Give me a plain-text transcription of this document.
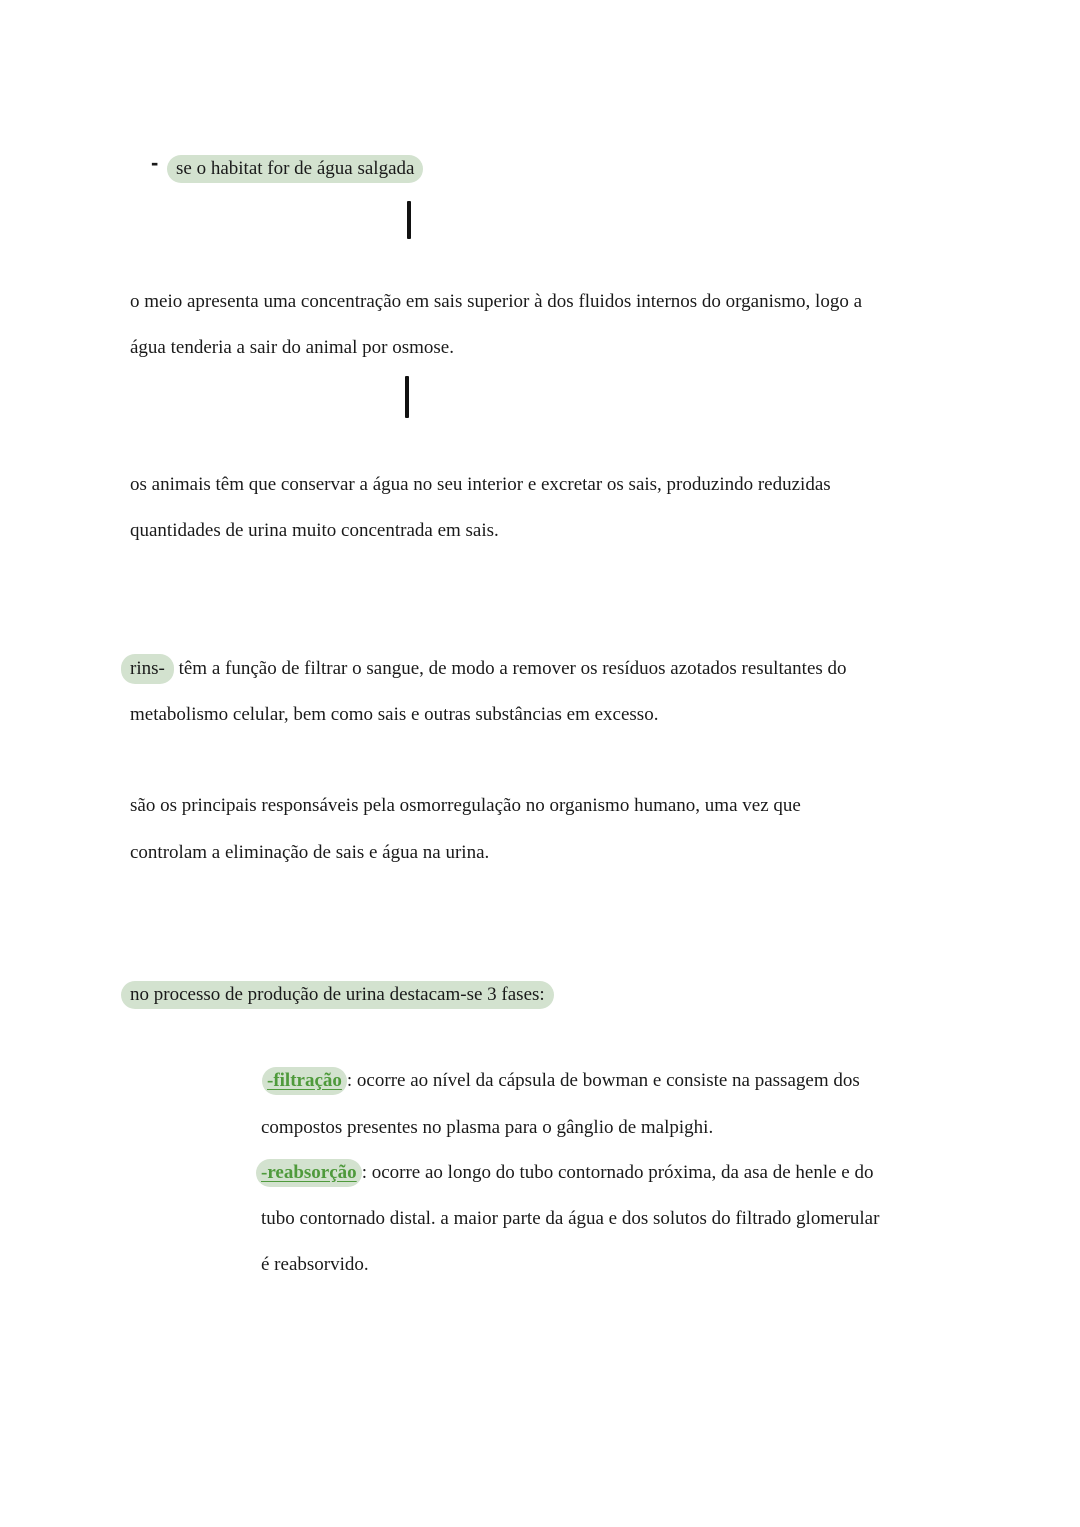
- se o habitat for de água salgada
o meio apresenta uma concentração em sais superior à dos fluidos internos do organismo, logo a
água tenderia a sair do animal por osmose.
os animais têm que conservar a água no seu interior e excretar os sais, produzindo reduzidas
quantidades de urina muito concentrada em sais.
rins- têm a função de filtrar o sangue, de modo a remover os resíduos azotados resultantes do
metabolismo celular, bem como sais e outras substâncias em excesso.
são os principais responsáveis pela osmorregulação no organismo humano, uma vez que
controlam a eliminação de sais e água na urina.
no processo de produção de urina destacam-se 3 fases:
-filtração : ocorre ao nível da cápsula de bowman e consiste na passagem dos
compostos presentes no plasma para o gânglio de malpighi.
-reabsorção : ocorre ao longo do tubo contornado próxima, da asa de henle e do
tubo contornado distal. a maior parte da água e dos solutos do filtrado glomerular
é reabsorvido.
